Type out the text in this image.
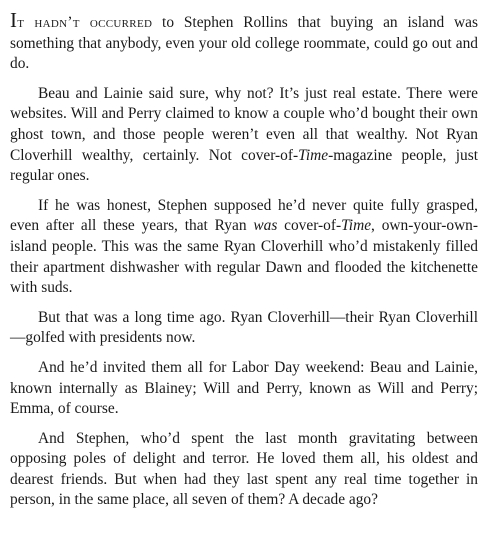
It hadn’t occurred to Stephen Rollins that buying an island was something that anybody, even your old college roommate, could go out and do.

Beau and Lainie said sure, why not? It’s just real estate. There were websites. Will and Perry claimed to know a couple who’d bought their own ghost town, and those people weren’t even all that wealthy. Not Ryan Cloverhill wealthy, certainly. Not cover-of-Time-magazine people, just regular ones.

If he was honest, Stephen supposed he’d never quite fully grasped, even after all these years, that Ryan was cover-of-Time, own-your-own-island people. This was the same Ryan Cloverhill who’d mistakenly filled their apartment dishwasher with regular Dawn and flooded the kitchenette with suds.

But that was a long time ago. Ryan Cloverhill—their Ryan Cloverhill—golfed with presidents now.

And he’d invited them all for Labor Day weekend: Beau and Lainie, known internally as Blainey; Will and Perry, known as Will and Perry; Emma, of course.

And Stephen, who’d spent the last month gravitating between opposing poles of delight and terror. He loved them all, his oldest and dearest friends. But when had they last spent any real time together in person, in the same place, all seven of them? A decade ago?
